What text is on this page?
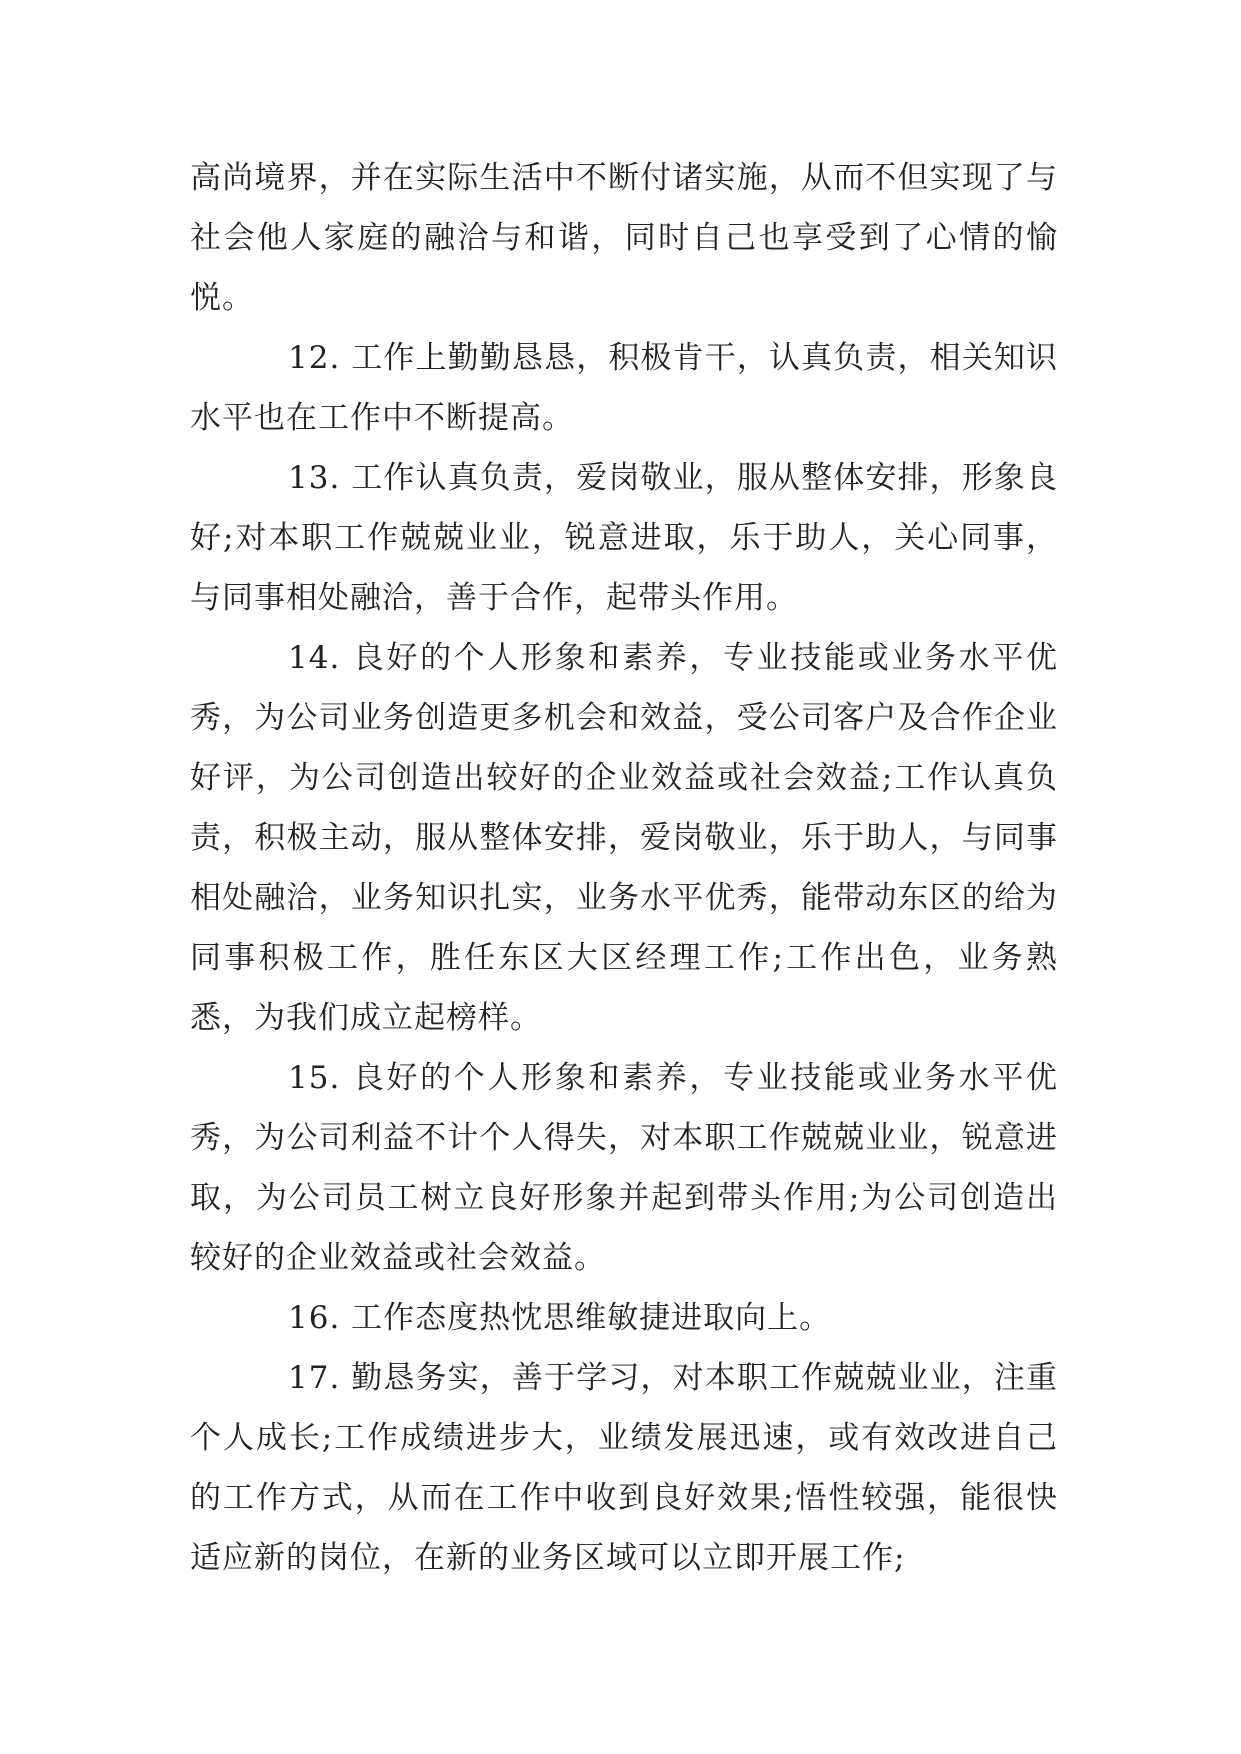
高尚境界，并在实际生活中不断付诸实施，从而不但实现了与社会他人家庭的融洽与和谐，同时自己也享受到了心情的愉悦。

12. 工作上勤勤恳恳，积极肯干，认真负责，相关知识水平也在工作中不断提高。

13. 工作认真负责，爱岗敬业，服从整体安排，形象良好;对本职工作兢兢业业，锐意进取，乐于助人，关心同事，与同事相处融洽，善于合作，起带头作用。

14. 良好的个人形象和素养，专业技能或业务水平优秀，为公司业务创造更多机会和效益，受公司客户及合作企业好评，为公司创造出较好的企业效益或社会效益;工作认真负责，积极主动，服从整体安排，爱岗敬业，乐于助人，与同事相处融洽，业务知识扎实，业务水平优秀，能带动东区的给为同事积极工作，胜任东区大区经理工作;工作出色，业务熟悉，为我们成立起榜样。

15. 良好的个人形象和素养，专业技能或业务水平优秀，为公司利益不计个人得失，对本职工作兢兢业业，锐意进取，为公司员工树立良好形象并起到带头作用;为公司创造出较好的企业效益或社会效益。

16. 工作态度热忱思维敏捷进取向上。

17. 勤恳务实，善于学习，对本职工作兢兢业业，注重个人成长;工作成绩进步大，业绩发展迅速，或有效改进自己的工作方式，从而在工作中收到良好效果;悟性较强，能很快适应新的岗位，在新的业务区域可以立即开展工作;
